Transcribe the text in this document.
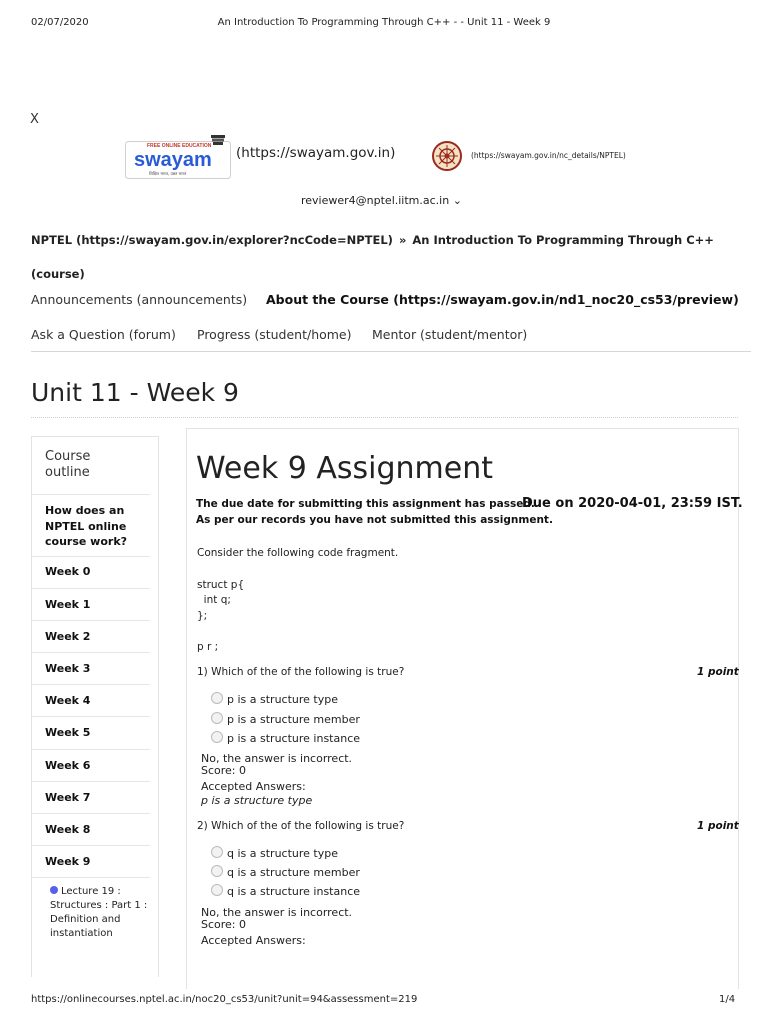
02/07/2020	An Introduction To Programming Through C++ - - Unit 11 - Week 9
X
FREE ONLINE EDUCATION
swayam
शिक्षित भारत, उन्नत भारत
(https://swayam.gov.in)	(https://swayam.gov.in/nc_details/NPTEL)
reviewer4@nptel.iitm.ac.in ⌄
NPTEL (https://swayam.gov.in/explorer?ncCode=NPTEL) » An Introduction To Programming Through C++ (course)
Announcements (announcements) About the Course (https://swayam.gov.in/nd1_noc20_cs53/preview)
Ask a Question (forum) Progress (student/home) Mentor (student/mentor)
Unit 11 - Week 9
Course outline
How does an NPTEL online course work?
Week 0
Week 1
Week 2
Week 3
Week 4
Week 5
Week 6
Week 7
Week 8
Week 9
Lecture 19 : Structures : Part 1 : Definition and instantiation
Week 9 Assignment
The due date for submitting this assignment has passed.
Due on 2020-04-01, 23:59 IST.
As per our records you have not submitted this assignment.
Consider the following code fragment.
struct p{
int q;
};
p r ;
1) Which of the of the following is true?	1 point
p is a structure type
p is a structure member
p is a structure instance
No, the answer is incorrect.
Score: 0
Accepted Answers:
p is a structure type
2) Which of the of the following is true?	1 point
q is a structure type
q is a structure member
q is a structure instance
No, the answer is incorrect.
Score: 0
Accepted Answers:
https://onlinecourses.nptel.ac.in/noc20_cs53/unit?unit=94&assessment=219	1/4
